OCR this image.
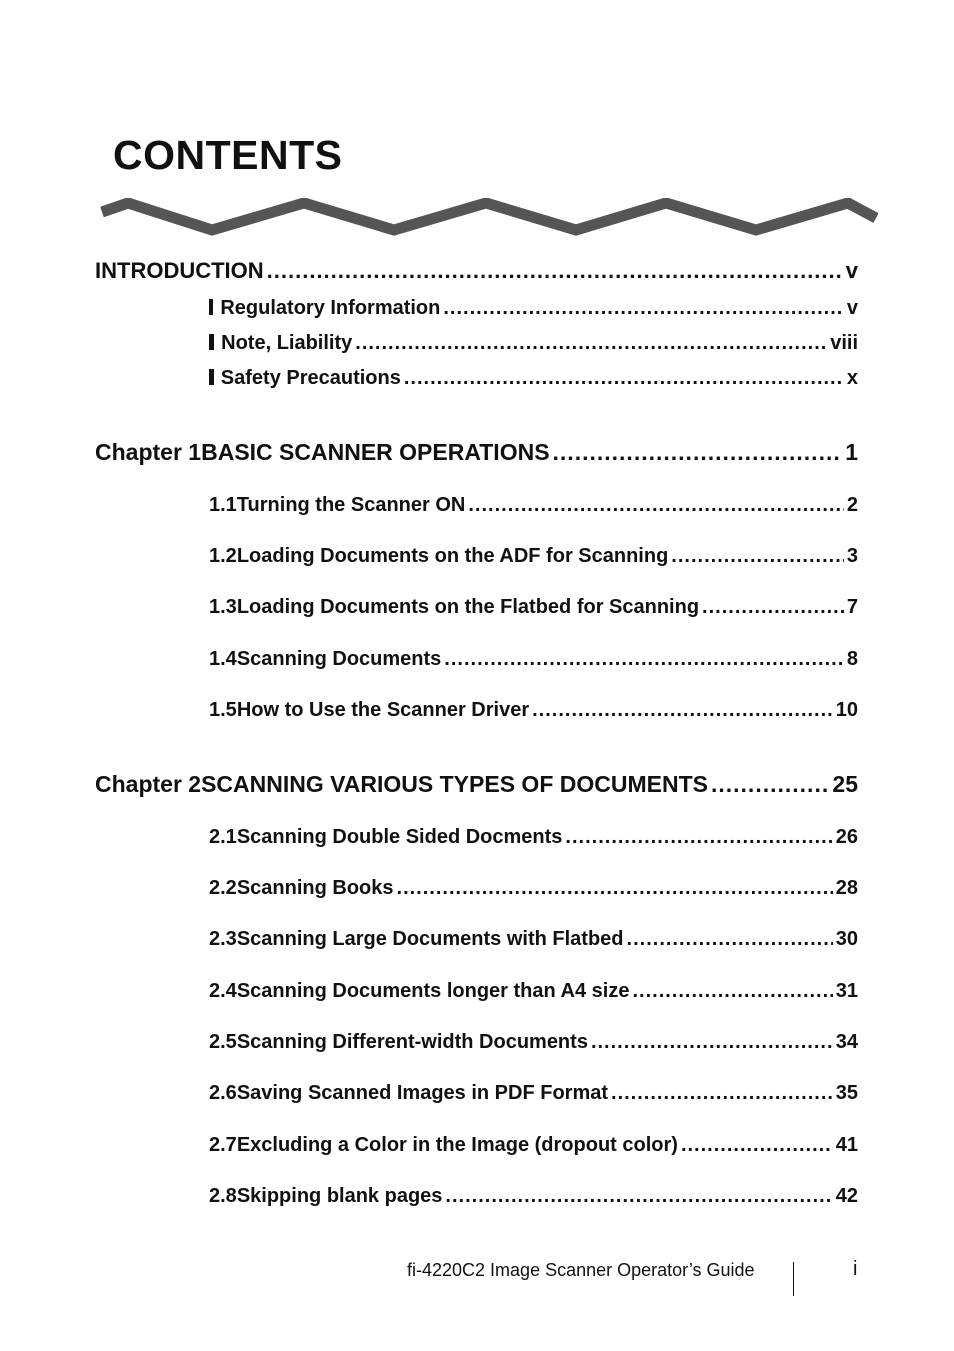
CONTENTS
INTRODUCTION .....	v
Regulatory Information .....	v
Note, Liability .....	viii
Safety Precautions .....	x
Chapter 1 BASIC SCANNER OPERATIONS .....	1
1.1 Turning the Scanner ON .....	2
1.2 Loading Documents on the ADF for Scanning .....	3
1.3 Loading Documents on the Flatbed for Scanning .....	7
1.4 Scanning Documents .....	8
1.5 How to Use the Scanner Driver .....	10
Chapter 2 SCANNING VARIOUS TYPES OF DOCUMENTS .....	25
2.1 Scanning Double Sided Docments .....	26
2.2 Scanning Books .....	28
2.3 Scanning Large Documents with Flatbed .....	30
2.4 Scanning Documents longer than A4 size .....	31
2.5 Scanning Different-width Documents .....	34
2.6 Saving Scanned Images in PDF Format .....	35
2.7 Excluding a Color in the Image (dropout color) .....	41
2.8 Skipping blank pages .....	42
fi-4220C2 Image Scanner Operator’s Guide	i
